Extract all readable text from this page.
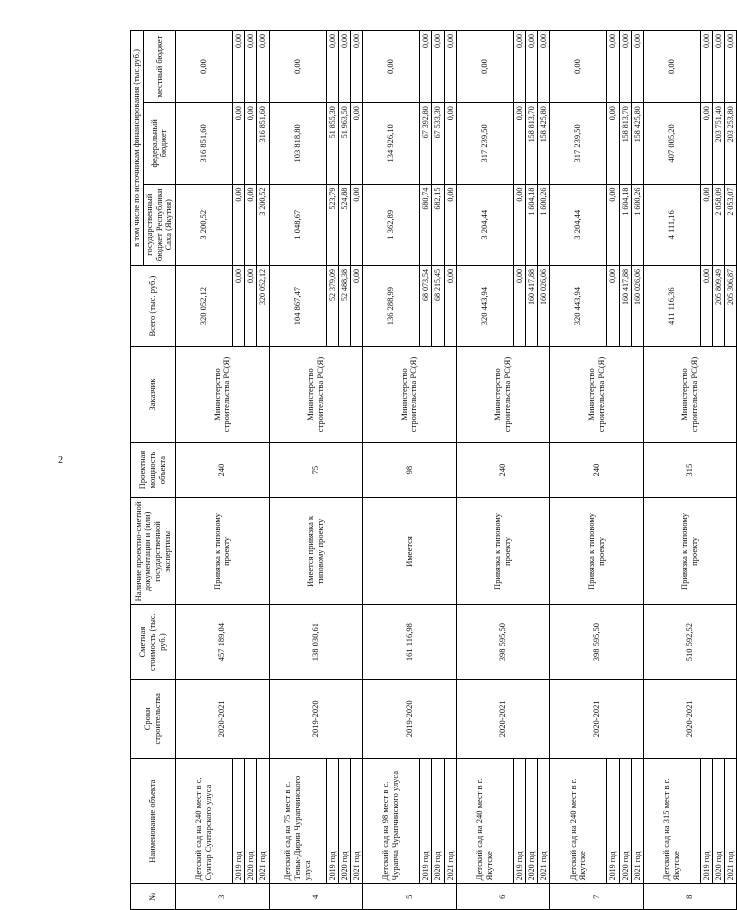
2
№	Наименование объекта	Сроки строительства	Сметная стоимость (тыс. руб.)	Наличие проектно-сметной документации и (или) государственной экспертизы	Проектная мощность объекта	Заказчик	Всего (тыс. руб.)	в том числе по источникам финансирования (тыс.руб.)		
								государственный бюджет Республики Саха (Якутия)	федеральный бюджет	местный бюджет
3	Детский сад на 240 мест в с. Сунтар Сунтарского улуса	2020-2021	457 189,04	Привязка к типовому проекту	240	Министерство строительства РС(Я)	320 052,12	3 200,52	316 851,60	0,00
	2019 год						0,00	0,00	0,00	0,00
	2020 год						0,00	0,00	0,00	0,00
	2021 год						320 052,12	3 200,52	316 851,60	0,00
4	Детский сад на 75 мест в с. Теньк-Дирин Чурапчинского улуса	2019-2020	138 030,61	Имеется привязка к типовому проекту	75	Министерство строительства РС(Я)	104 867,47	1 048,67	103 818,80	0,00
	2019 год						52 379,09	523,79	51 855,30	0,00
	2020 год						52 488,38	524,88	51 963,50	0,00
	2021 год						0,00	0,00	0,00	0,00
5	Детский сад на 98 мест в с. Чурапча Чурапчинского улуса	2019-2020	161 116,98	Имеется	98	Министерство строительства РС(Я)	136 288,99	1 362,89	134 926,10	0,00
	2019 год						68 073,54	680,74	67 392,80	0,00
	2020 год						68 215,45	682,15	67 533,30	0,00
	2021 год						0,00	0,00	0,00	0,00
6	Детский сад на 240 мест в г. Якутске	2020-2021	398 595,50	Привязка к типовому проекту	240	Министерство строительства РС(Я)	320 443,94	3 204,44	317 239,50	0,00
	2019 год						0,00	0,00	0,00	0,00
	2020 год						160 417,88	1 604,18	158 813,70	0,00
	2021 год						160 026,06	1 600,26	158 425,80	0,00
7	Детский сад на 240 мест в г. Якутске	2020-2021	398 595,50	Привязка к типовому проекту	240	Министерство строительства РС(Я)	320 443,94	3 204,44	317 239,50	0,00
	2019 год						0,00	0,00	0,00	0,00
	2020 год						160 417,88	1 604,18	158 813,70	0,00
	2021 год						160 026,06	1 600,26	158 425,80	0,00
8	Детский сад на 315 мест в г. Якутске	2020-2021	510 592,52	Привязка к типовому проекту	315	Министерство строительства РС(Я)	411 116,36	4 111,16	407 005,20	0,00
	2019 год						0,00	0,00	0,00	0,00
	2020 год						205 809,49	2 058,09	203 751,40	0,00
	2021 год						205 306,87	2 053,07	203 253,80	0,00
